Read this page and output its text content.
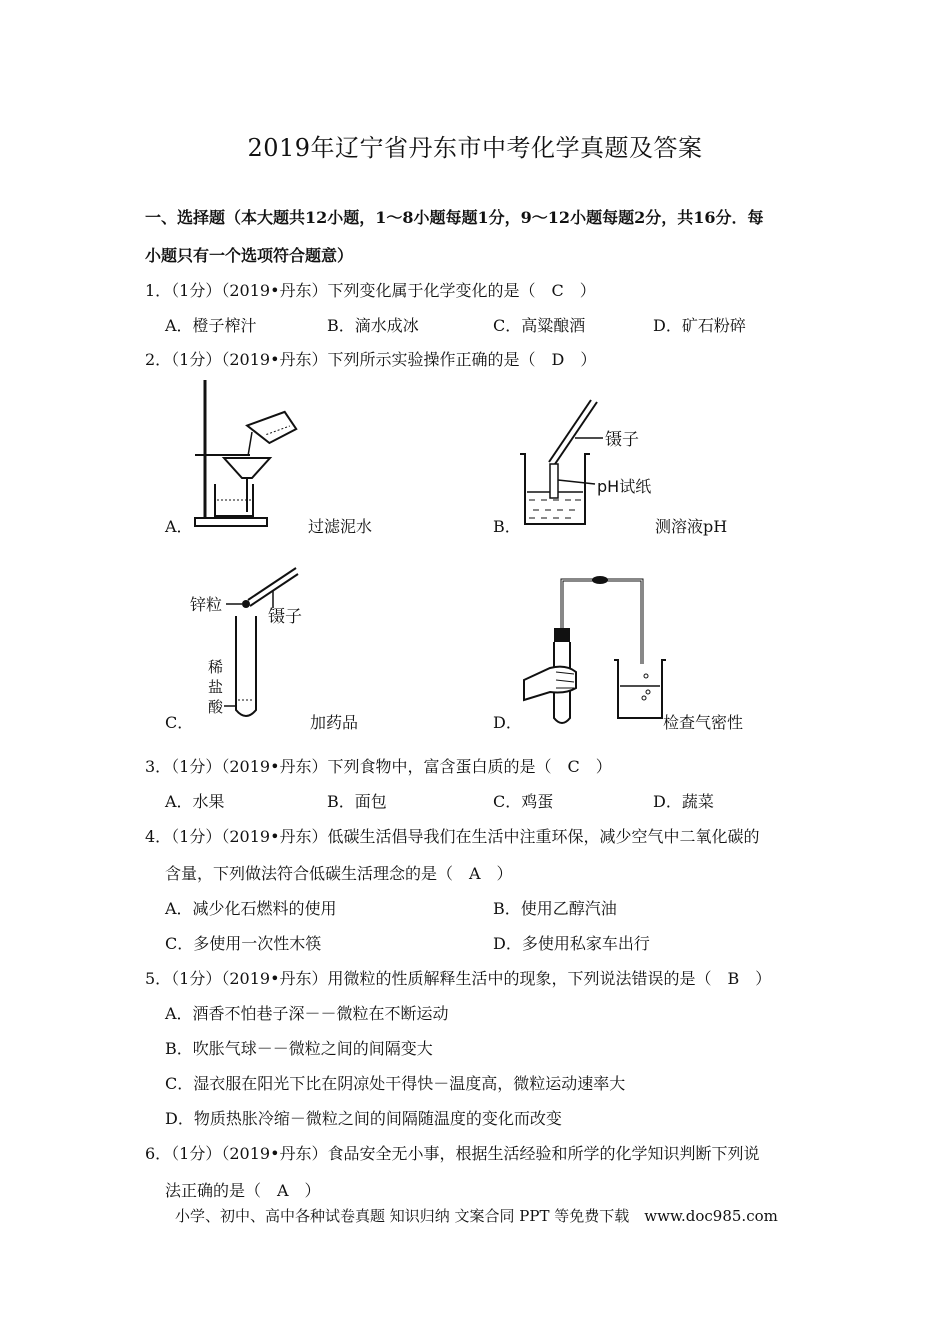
2019年辽宁省丹东市中考化学真题及答案
一、选择题（本大题共12小题，1～8小题每题1分，9～12小题每题2分，共16分．每
小题只有一个选项符合题意）
1．（1分）（2019•丹东）下列变化属于化学变化的是（　C　）
A．橙子榨汁	B．滴水成冰	C．高粱酿酒	D．矿石粉碎
2．（1分）（2019•丹东）下列所示实验操作正确的是（　D　）
A．	过滤泥水
镊子
pH试纸
B．	测溶液pH
锌粒
镊子
稀
盐
酸
C．	加药品	D．	检查气密性
3．（1分）（2019•丹东）下列食物中，富含蛋白质的是（　C　）
A．水果	B．面包	C．鸡蛋	D．蔬菜
4．（1分）（2019•丹东）低碳生活倡导我们在生活中注重环保，减少空气中二氧化碳的
含量，下列做法符合低碳生活理念的是（　A　）
A．减少化石燃料的使用	B．使用乙醇汽油
C．多使用一次性木筷	D．多使用私家车出行
5．（1分）（2019•丹东）用微粒的性质解释生活中的现象，下列说法错误的是（　B　）
A．酒香不怕巷子深－－微粒在不断运动
B．吹胀气球－－微粒之间的间隔变大
C．湿衣服在阳光下比在阴凉处干得快－温度高，微粒运动速率大
D．物质热胀冷缩－微粒之间的间隔随温度的变化而改变
6．（1分）（2019•丹东）食品安全无小事，根据生活经验和所学的化学知识判断下列说
法正确的是（　A　）
小学、初中、高中各种试卷真题 知识归纳 文案合同 PPT 等免费下载　www.doc985.com
